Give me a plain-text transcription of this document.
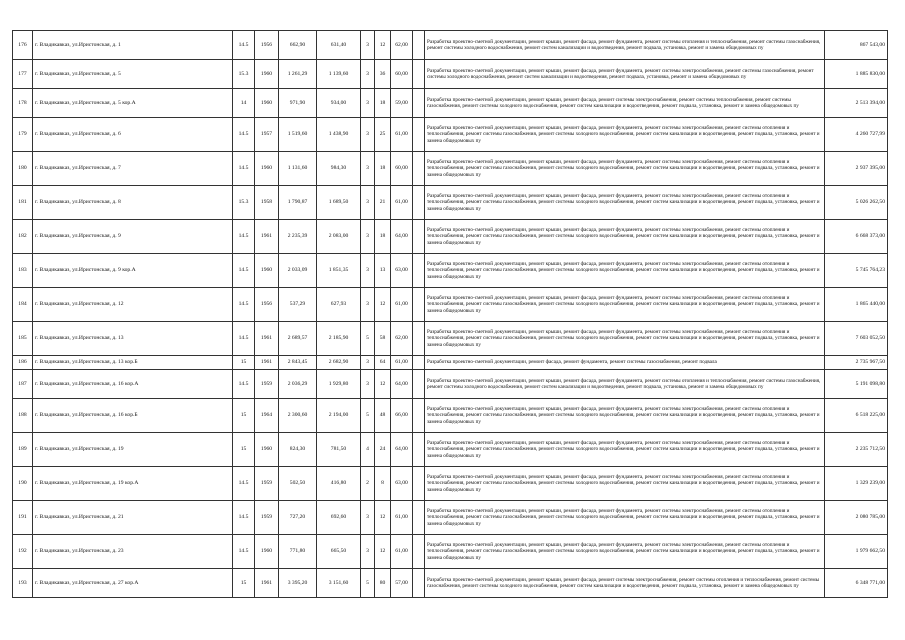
176	г. Владикавказ, ул.Иристонская, д. 1	14.5	1956	662,90	631,40	3	12	62,00		Разработка проектно-сметной документации, ремонт крыши, ремонт фасада, ремонт фундамента, ремонт системы отопления и теплоснабжения, ремонт системы газоснабжения, ремонт системы холодного водоснабжения, ремонт систем канализации и водоотведения, ремонт подвала, установка, ремонт и замена общедомовых пу	867 543,00
177	г. Владикавказ, ул.Иристонская, д. 5	15.3	1960	1 261,29	1 139,60	3	36	60,00		Разработка проектно-сметной документации, ремонт крыши, ремонт фасада, ремонт фундамента, ремонт системы электроснабжения, ремонт системы газоснабжения, ремонт системы холодного водоснабжения, ремонт систем канализации и водоотведения, ремонт подвала, установка, ремонт и замена общедомовых пу	1 885 830,00
178	г. Владикавказ, ул.Иристонская, д. 5 кор.А	14	1960	971,90	934,00	3	18	59,00		Разработка проектно-сметной документации, ремонт крыши, ремонт фасада, ремонт системы электроснабжения, ремонт системы теплоснабжения, ремонт системы газоснабжения, ремонт системы холодного водоснабжения, ремонт систем канализации и водоотведения, ремонт подвала, установка, ремонт и замена общедомовых пу	2 513 394,00
179	г. Владикавказ, ул.Иристонская, д. 6	14.5	1957	1 519,60	1 438,90	3	25	61,00		Разработка проектно-сметной документации, ремонт крыши, ремонт фасада, ремонт фундамента, ремонт системы электроснабжения, ремонт системы отопления и теплоснабжения, ремонт системы газоснабжения, ремонт системы холодного водоснабжения, ремонт систем канализации и водоотведения, ремонт подвала, установка, ремонт и замена общедомовых пу	4 260 727,99
180	г. Владикавказ, ул.Иристонская, д. 7	14.5	1960	1 131,60	984,30	3	18	60,00		Разработка проектно-сметной документации, ремонт крыши, ремонт фасада, ремонт фундамента, ремонт системы электроснабжения, ремонт системы отопления и теплоснабжения, ремонт системы газоснабжения, ремонт системы холодного водоснабжения, ремонт систем канализации и водоотведения, ремонт подвала, установка, ремонт и замена общедомовых пу	2 937 395,00
181	г. Владикавказ, ул.Иристонская, д. 8	15.3	1958	1 790,87	1 689,50	3	21	61,00		Разработка проектно-сметной документации, ремонт крыши, ремонт фасада, ремонт фундамента, ремонт системы электроснабжения, ремонт системы отопления и теплоснабжения, ремонт системы газоснабжения, ремонт системы холодного водоснабжения, ремонт систем канализации и водоотведения, ремонт подвала, установка, ремонт и замена общедомовых пу	5 026 262,50
182	г. Владикавказ, ул.Иристонская, д. 9	14.5	1961	2 235,39	2 083,00	3	18	64,00		Разработка проектно-сметной документации, ремонт крыши, ремонт фасада, ремонт фундамента, ремонт системы электроснабжения, ремонт системы отопления и теплоснабжения, ремонт системы газоснабжения, ремонт системы холодного водоснабжения, ремонт систем канализации и водоотведения, ремонт подвала, установка, ремонт и замена общедомовых пу	6 668 373,00
183	г. Владикавказ, ул.Иристонская, д. 9 кор.А	14.5	1960	2 033,09	1 851,35	3	13	63,00		Разработка проектно-сметной документации, ремонт крыши, ремонт фасада, ремонт фундамента, ремонт системы электроснабжения, ремонт системы отопления и теплоснабжения, ремонт системы газоснабжения, ремонт системы холодного водоснабжения, ремонт систем канализации и водоотведения, ремонт подвала, установка, ремонт и замена общедомовых пу	5 745 764,23
184	г. Владикавказ, ул.Иристонская, д. 12	14.5	1956	537,29	627,93	3	12	61,00		Разработка проектно-сметной документации, ремонт крыши, ремонт фасада, ремонт фундамента, ремонт системы электроснабжения, ремонт системы отопления и теплоснабжения, ремонт системы газоснабжения, ремонт системы холодного водоснабжения, ремонт систем канализации и водоотведения, ремонт подвала, установка, ремонт и замена общедомовых пу	1 865 440,00
185	г. Владикавказ, ул.Иристонская, д. 13	14.5	1961	2 689,57	2 185,90	5	58	62,00		Разработка проектно-сметной документации, ремонт крыши, ремонт фасада, ремонт фундамента, ремонт системы электроснабжения, ремонт системы отопления и теплоснабжения, ремонт системы газоснабжения, ремонт системы холодного водоснабжения, ремонт систем канализации и водоотведения, ремонт подвала, установка, ремонт и замена общедомовых пу	7 603 052,50
186	г. Владикавказ, ул.Иристонская, д. 13 кор.Б	15	1961	2 843,45	2 682,90	3	64	61,00		Разработка проектно-сметной документации, ремонт фасада, ремонт фундамента, ремонт системы газоснабжения, ремонт подвала	2 735 967,50
187	г. Владикавказ, ул.Иристонская, д. 16 кор.А	14.5	1959	2 036,29	1 929,80	3	12	64,00		Разработка проектно-сметной документации, ремонт крыши, ремонт фасада, ремонт фундамента, ремонт системы отопления и теплоснабжения, ремонт системы газоснабжения, ремонт системы холодного водоснабжения, ремонт систем канализации и водоотведения, ремонт подвала, установка, ремонт и замена общедомовых пу	5 191 098,80
188	г. Владикавказ, ул.Иристонская, д. 16 кор.Б	15	1964	2 300,60	2 194,00	5	48	66,00		Разработка проектно-сметной документации, ремонт крыши, ремонт фасада, ремонт фундамента, ремонт системы электроснабжения, ремонт системы отопления и теплоснабжения, ремонт системы газоснабжения, ремонт системы холодного водоснабжения, ремонт систем канализации и водоотведения, ремонт подвала, установка, ремонт и замена общедомовых пу	6 518 225,00
189	г. Владикавказ, ул.Иристонская, д. 19	15	1960	824,30	781,50	4	24	64,00		Разработка проектно-сметной документации, ремонт крыши, ремонт фасада, ремонт фундамента, ремонт системы электроснабжения, ремонт системы отопления и теплоснабжения, ремонт системы газоснабжения, ремонт системы холодного водоснабжения, ремонт систем канализации и водоотведения, ремонт подвала, установка, ремонт и замена общедомовых пу	2 235 712,50
190	г. Владикавказ, ул.Иристонская, д. 19 кор.А	14.5	1959	502,50	416,80	2	8	63,00		Разработка проектно-сметной документации, ремонт крыши, ремонт фасада, ремонт фундамента, ремонт системы электроснабжения, ремонт системы отопления и теплоснабжения, ремонт системы газоснабжения, ремонт системы холодного водоснабжения, ремонт систем канализации и водоотведения, ремонт подвала, установка, ремонт и замена общедомовых пу	1 329 239,00
191	г. Владикавказ, ул.Иристонская, д. 21	14.5	1959	727,20	692,60	3	12	61,00		Разработка проектно-сметной документации, ремонт крыши, ремонт фасада, ремонт фундамента, ремонт системы электроснабжения, ремонт системы отопления и теплоснабжения, ремонт системы газоснабжения, ремонт системы холодного водоснабжения, ремонт систем канализации и водоотведения, ремонт подвала, установка, ремонт и замена общедомовых пу	2 080 785,00
192	г. Владикавказ, ул.Иристонская, д. 23	14.5	1960	771,80	665,50	3	12	61,00		Разработка проектно-сметной документации, ремонт крыши, ремонт фасада, ремонт фундамента, ремонт системы электроснабжения, ремонт системы отопления и теплоснабжения, ремонт системы газоснабжения, ремонт системы холодного водоснабжения, ремонт систем канализации и водоотведения, ремонт подвала, установка, ремонт и замена общедомовых пу	1 979 662,50
193	г. Владикавказ, ул.Иристонская, д. 27 кор.А	15	1961	3 395,20	3 151,60	5	80	57,00		Разработка проектно-сметной документации, ремонт крыши, ремонт фасада, ремонт системы электроснабжения, ремонт системы отопления и теплоснабжения, ремонт системы газоснабжения, ремонт системы холодного водоснабжения, ремонт систем канализации и водоотведения, ремонт подвала, установка, ремонт и замена общедомовых пу	6 348 771,00
